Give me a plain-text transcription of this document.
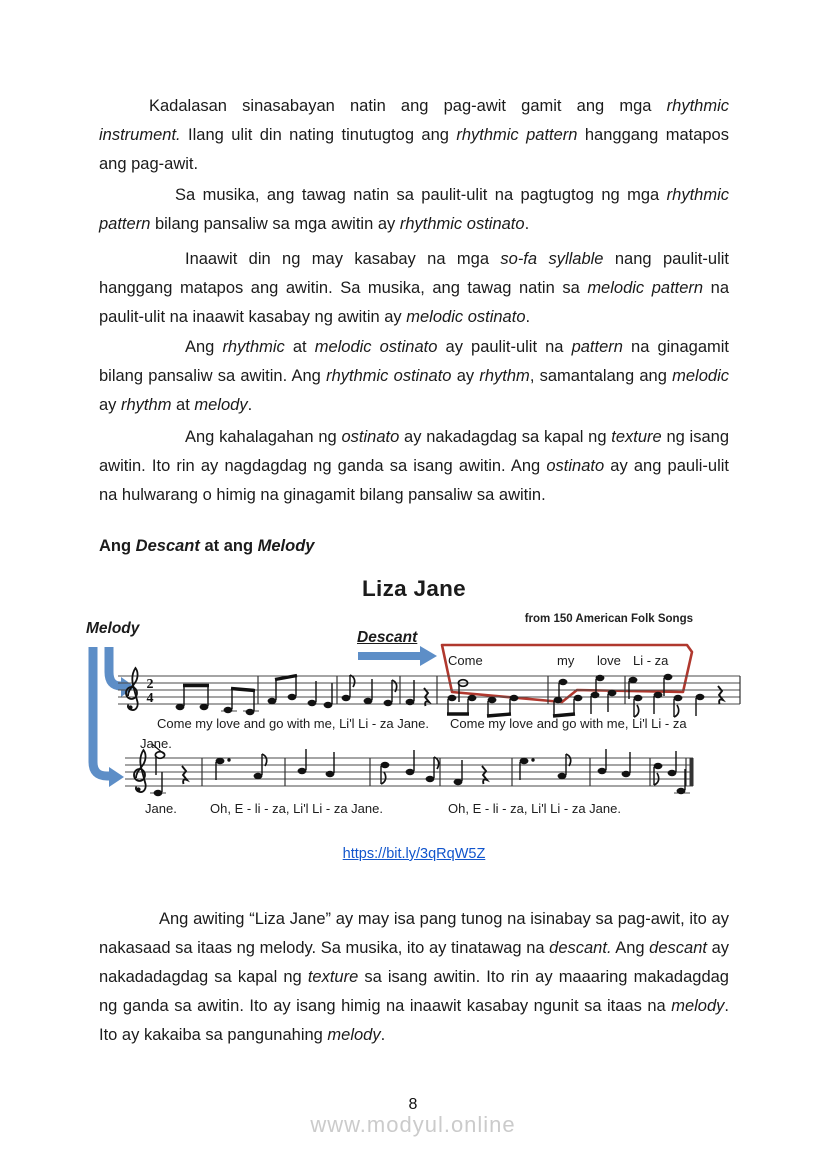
Kadalasan sinasabayan natin ang pag-awit gamit ang mga rhythmic instrument. Ilang ulit din nating tinutugtog ang rhythmic pattern hanggang matapos ang pag-awit.

Sa musika, ang tawag natin sa paulit-ulit na pagtugtog ng mga rhythmic pattern bilang pansaliw sa mga awitin ay rhythmic ostinato.

Inaawit din ng may kasabay na mga so-fa syllable nang paulit-ulit hanggang matapos ang awitin. Sa musika, ang tawag natin sa melodic pattern na paulit-ulit na inaawit kasabay ng awitin ay melodic ostinato.

Ang rhythmic at melodic ostinato ay paulit-ulit na pattern na ginagamit bilang pansaliw sa awitin. Ang rhythmic ostinato ay rhythm, samantalang ang melodic ay rhythm at melody.

Ang kahalagahan ng ostinato ay nakadagdag sa kapal ng texture ng isang awitin. Ito rin ay nagdagdag ng ganda sa isang awitin. Ang ostinato ay ang pauli-ulit na hulwarang o himig na ginagamit bilang pansaliw sa awitin.

Ang Descant at ang Melody
Liza Jane
from 150 American Folk Songs
Melody
Descant
2
4
Come	my love Li - za
Come my love and go with me, Li'l Li - za Jane. Come my love and go with me, Li'l Li - za
Jane.
Jane.	Oh, E - li - za, Li'l Li - za Jane.	Oh, E - li - za, Li'l Li - za Jane.
https://bit.ly/3qRqW5Z

Ang awiting “Liza Jane” ay may isa pang tunog na isinabay sa pag-awit, ito ay nakasaad sa itaas ng melody. Sa musika, ito ay tinatawag na descant. Ang descant ay nakadadagdag sa kapal ng texture sa isang awitin. Ito rin ay maaaring makadagdag ng ganda sa awitin. Ito ay isang himig na inaawit kasabay ngunit sa itaas na melody. Ito ay kakaiba sa pangunahing melody.

8
www.modyul.online
